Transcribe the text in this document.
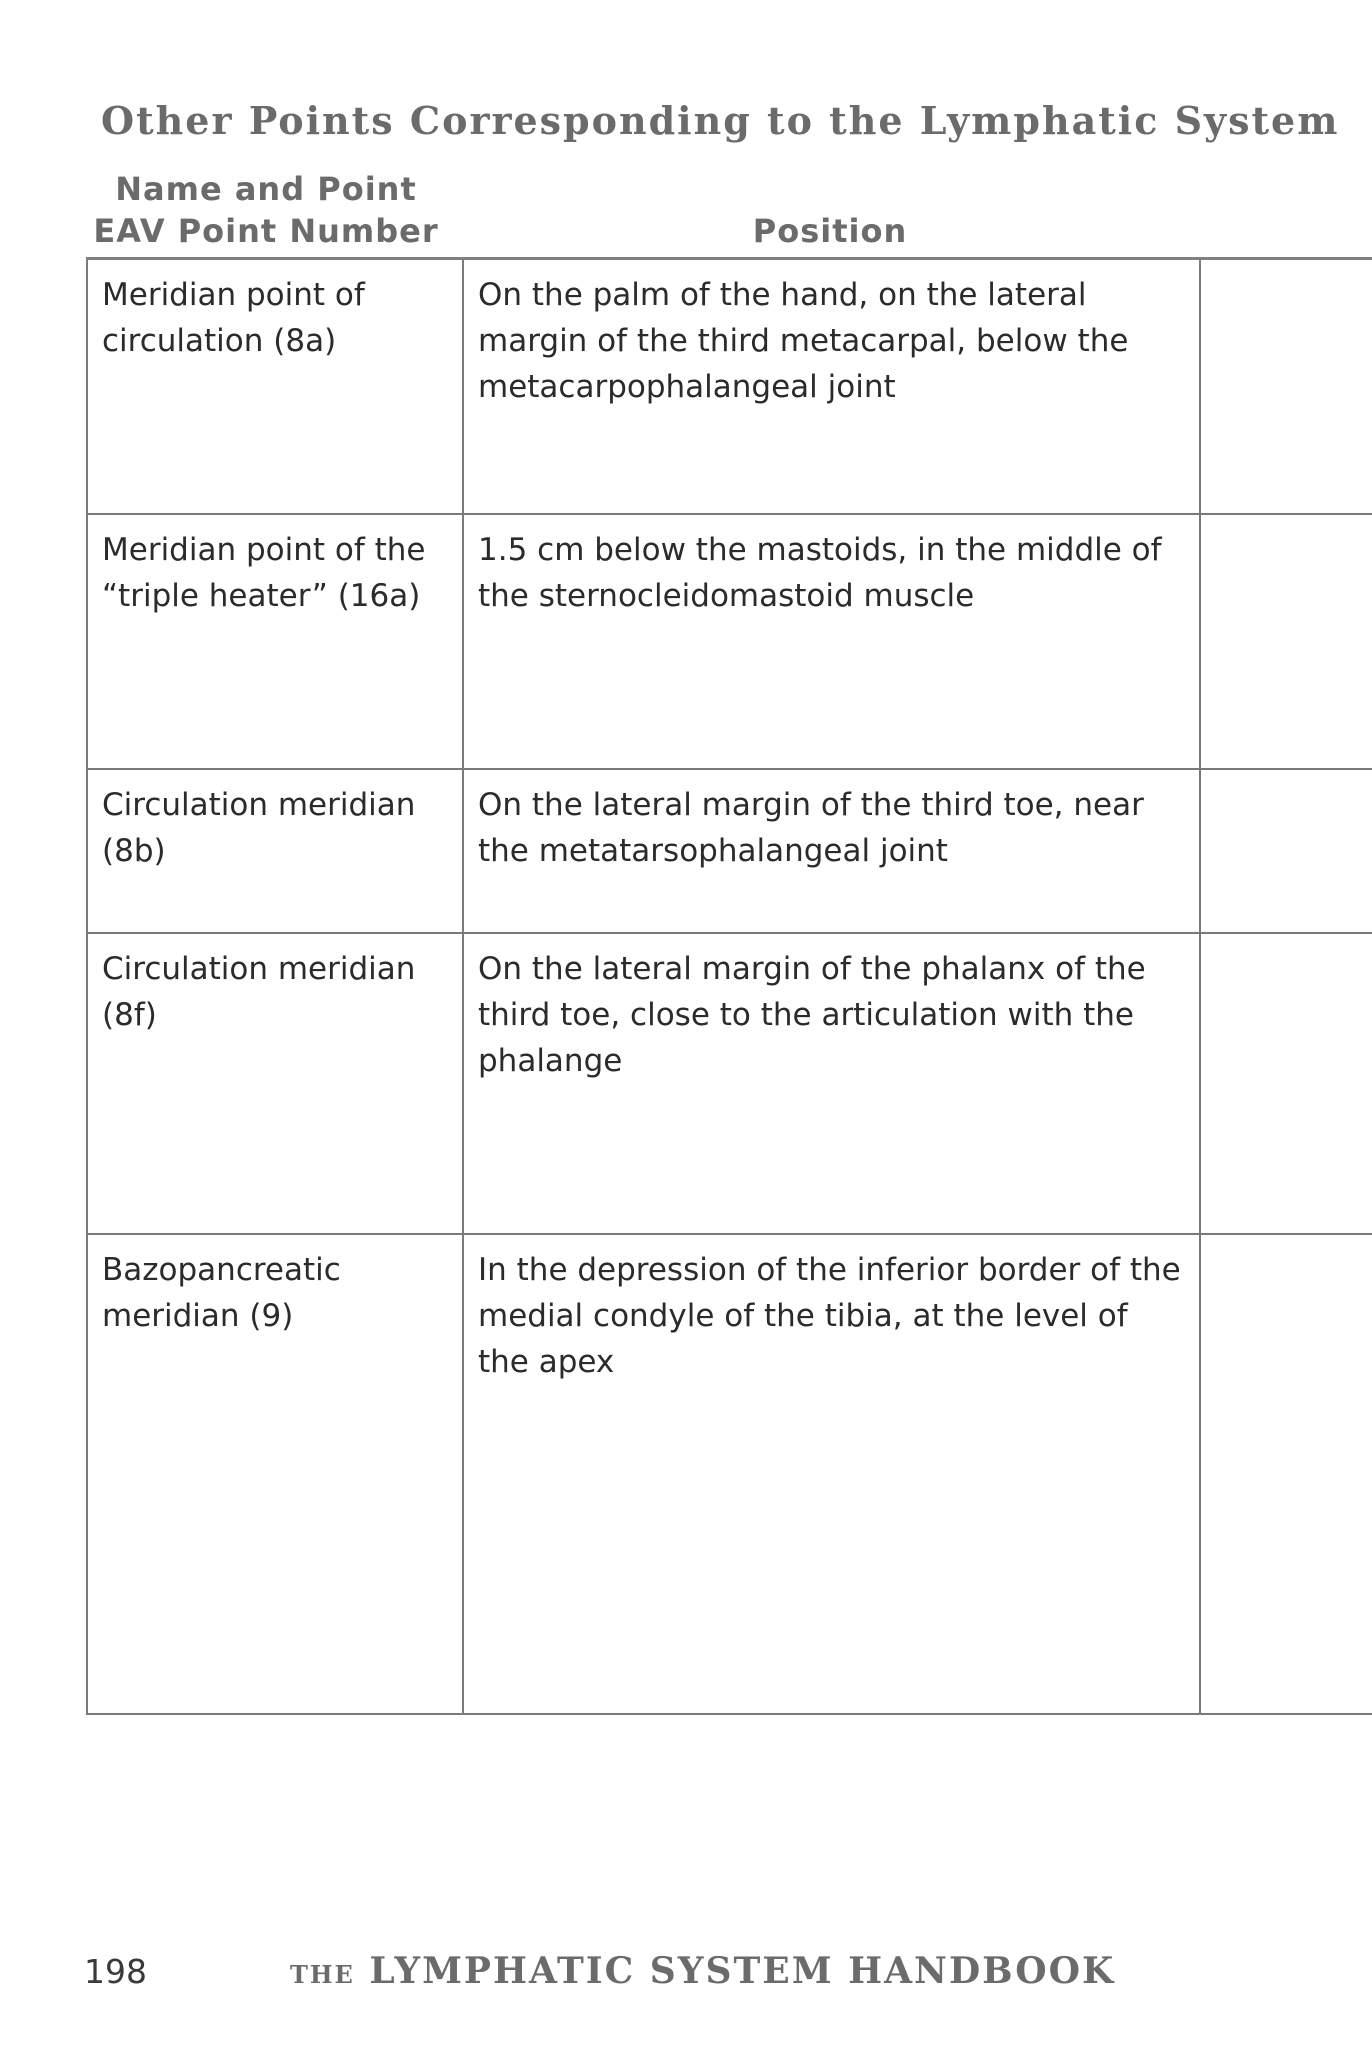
Other Points Corresponding to the Lymphatic System
Name and Point
EAV Point Number	Position
Meridian point of circulation (8a)
On the palm of the hand, on the lateral margin of the third metacarpal, below the metacarpophalangeal joint
Meridian point of the “triple heater” (16a)
1.5 cm below the mastoids, in the middle of the sternocleidomastoid muscle
Circulation meridian (8b)
On the lateral margin of the third toe, near the metatarsophalangeal joint
Circulation meridian (8f)
On the lateral margin of the phalanx of the third toe, close to the articulation with the phalange
Bazopancreatic meridian (9)
In the depression of the inferior border of the medial condyle of the tibia, at the level of the apex
198	THE LYMPHATIC SYSTEM HANDBOOK
